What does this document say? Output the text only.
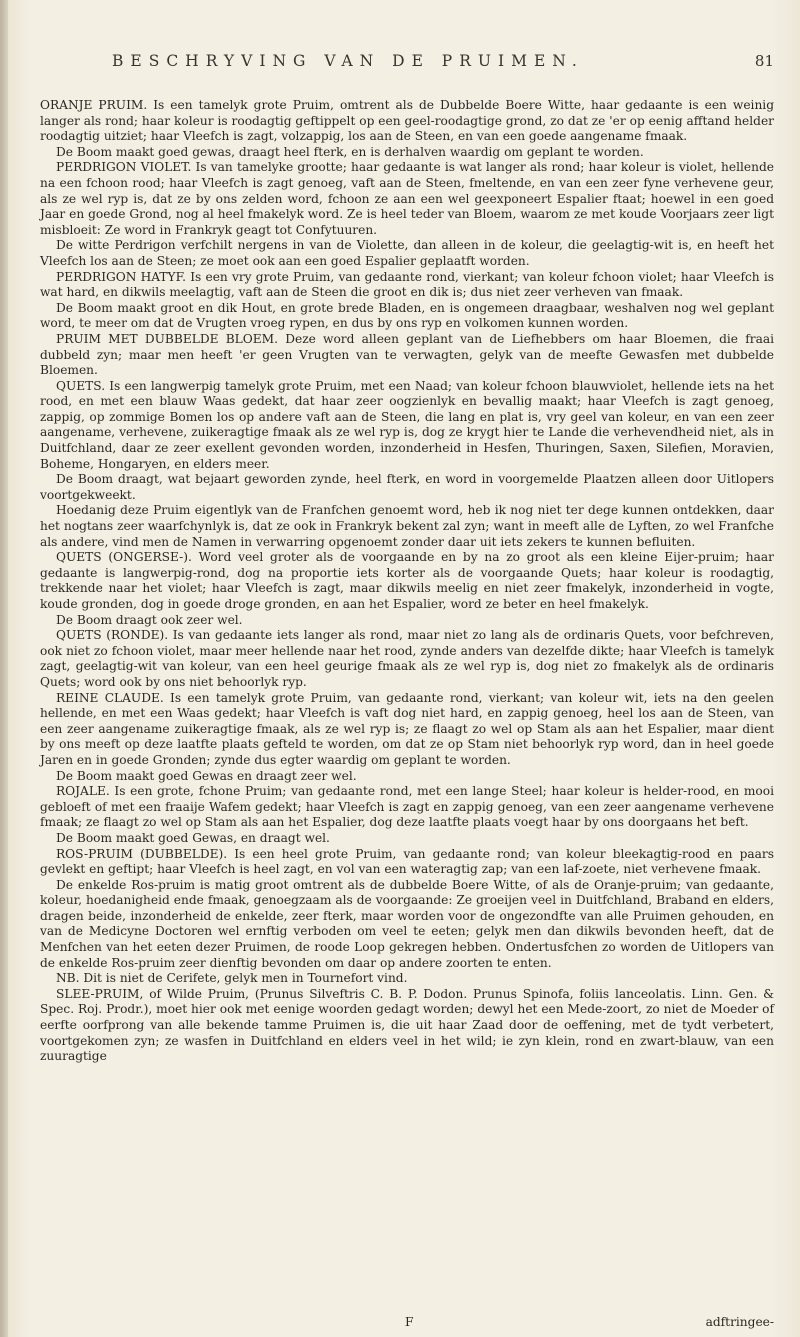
BESCHRYVING VAN DE PRUIMEN.	81

ORANJE PRUIM. Is een tamelyk grote Pruim, omtrent als de Dubbelde Boere Witte, haar gedaante is een weinig langer als rond; haar koleur is roodagtig geftippelt op een geel-roodagtige grond, zo dat ze 'er op eenig afftand helder roodagtig uitziet; haar Vleefch is zagt, volzappig, los aan de Steen, en van een goede aangename fmaak.

De Boom maakt goed gewas, draagt heel fterk, en is derhalven waardig om geplant te worden.

PERDRIGON VIOLET. Is van tamelyke grootte; haar gedaante is wat langer als rond; haar koleur is violet, hellende na een fchoon rood; haar Vleefch is zagt genoeg, vaft aan de Steen, fmeltende, en van een zeer fyne verhevene geur, als ze wel ryp is, dat ze by ons zelden word, fchoon ze aan een wel geexponeert Espalier ftaat; hoewel in een goed Jaar en goede Grond, nog al heel fmakelyk word. Ze is heel teder van Bloem, waarom ze met koude Voorjaars zeer ligt misbloeit: Ze word in Frankryk geagt tot Confytuuren.

De witte Perdrigon verfchilt nergens in van de Violette, dan alleen in de koleur, die geelagtig-wit is, en heeft het Vleefch los aan de Steen; ze moet ook aan een goed Espalier geplaatft worden.

PERDRIGON HATYF. Is een vry grote Pruim, van gedaante rond, vierkant; van koleur fchoon violet; haar Vleefch is wat hard, en dikwils meelagtig, vaft aan de Steen die groot en dik is; dus niet zeer verheven van fmaak.

De Boom maakt groot en dik Hout, en grote brede Bladen, en is ongemeen draagbaar, weshalven nog wel geplant word, te meer om dat de Vrugten vroeg rypen, en dus by ons ryp en volkomen kunnen worden.

PRUIM MET DUBBELDE BLOEM. Deze word alleen geplant van de Liefhebbers om haar Bloemen, die fraai dubbeld zyn; maar men heeft 'er geen Vrugten van te verwagten, gelyk van de meefte Gewasfen met dubbelde Bloemen.

QUETS. Is een langwerpig tamelyk grote Pruim, met een Naad; van koleur fchoon blauwviolet, hellende iets na het rood, en met een blauw Waas gedekt, dat haar zeer oogzienlyk en bevallig maakt; haar Vleefch is zagt genoeg, zappig, op zommige Bomen los op andere vaft aan de Steen, die lang en plat is, vry geel van koleur, en van een zeer aangename, verhevene, zuikeragtige fmaak als ze wel ryp is, dog ze krygt hier te Lande die verhevendheid niet, als in Duitfchland, daar ze zeer exellent gevonden worden, inzonderheid in Hesfen, Thuringen, Saxen, Silefien, Moravien, Boheme, Hongaryen, en elders meer.

De Boom draagt, wat bejaart geworden zynde, heel fterk, en word in voorgemelde Plaatzen alleen door Uitlopers voortgekweekt.

Hoedanig deze Pruim eigentlyk van de Franfchen genoemt word, heb ik nog niet ter dege kunnen ontdekken, daar het nogtans zeer waarfchynlyk is, dat ze ook in Frankryk bekent zal zyn; want in meeft alle de Lyften, zo wel Franfche als andere, vind men de Namen in verwarring opgenoemt zonder daar uit iets zekers te kunnen befluiten.

QUETS (ONGERSE-). Word veel groter als de voorgaande en by na zo groot als een kleine Eijer-pruim; haar gedaante is langwerpig-rond, dog na proportie iets korter als de voorgaande Quets; haar koleur is roodagtig, trekkende naar het violet; haar Vleefch is zagt, maar dikwils meelig en niet zeer fmakelyk, inzonderheid in vogte, koude gronden, dog in goede droge gronden, en aan het Espalier, word ze beter en heel fmakelyk.

De Boom draagt ook zeer wel.

QUETS (RONDE). Is van gedaante iets langer als rond, maar niet zo lang als de ordinaris Quets, voor befchreven, ook niet zo fchoon violet, maar meer hellende naar het rood, zynde anders van dezelfde dikte; haar Vleefch is tamelyk zagt, geelagtig-wit van koleur, van een heel geurige fmaak als ze wel ryp is, dog niet zo fmakelyk als de ordinaris Quets; word ook by ons niet behoorlyk ryp.

REINE CLAUDE. Is een tamelyk grote Pruim, van gedaante rond, vierkant; van koleur wit, iets na den geelen hellende, en met een Waas gedekt; haar Vleefch is vaft dog niet hard, en zappig genoeg, heel los aan de Steen, van een zeer aangename zuikeragtige fmaak, als ze wel ryp is; ze flaagt zo wel op Stam als aan het Espalier, maar dient by ons meeft op deze laatfte plaats gefteld te worden, om dat ze op Stam niet behoorlyk ryp word, dan in heel goede Jaren en in goede Gronden; zynde dus egter waardig om geplant te worden.

De Boom maakt goed Gewas en draagt zeer wel.

ROJALE. Is een grote, fchone Pruim; van gedaante rond, met een lange Steel; haar koleur is helder-rood, en mooi gebloeft of met een fraaije Wafem gedekt; haar Vleefch is zagt en zappig genoeg, van een zeer aangename verhevene fmaak; ze flaagt zo wel op Stam als aan het Espalier, dog deze laatfte plaats voegt haar by ons doorgaans het beft.

De Boom maakt goed Gewas, en draagt wel.

ROS-PRUIM (DUBBELDE). Is een heel grote Pruim, van gedaante rond; van koleur bleekagtig-rood en paars gevlekt en geftipt; haar Vleefch is heel zagt, en vol van een wateragtig zap; van een laf-zoete, niet verhevene fmaak.

De enkelde Ros-pruim is matig groot omtrent als de dubbelde Boere Witte, of als de Oranje-pruim; van gedaante, koleur, hoedanigheid ende fmaak, genoegzaam als de voorgaande: Ze groeijen veel in Duitfchland, Braband en elders, dragen beide, inzonderheid de enkelde, zeer fterk, maar worden voor de ongezondfte van alle Pruimen gehouden, en van de Medicyne Doctoren wel ernftig verboden om veel te eeten; gelyk men dan dikwils bevonden heeft, dat de Menfchen van het eeten dezer Pruimen, de roode Loop gekregen hebben. Ondertusfchen zo worden de Uitlopers van de enkelde Ros-pruim zeer dienftig bevonden om daar op andere zoorten te enten.

NB. Dit is niet de Cerifete, gelyk men in Tournefort vind.

SLEE-PRUIM, of Wilde Pruim, (Prunus Silveftris C. B. P. Dodon. Prunus Spinofa, foliis lanceolatis. Linn. Gen. & Spec. Roj. Prodr.), moet hier ook met eenige woorden gedagt worden; dewyl het een Mede-zoort, zo niet de Moeder of eerfte oorfprong van alle bekende tamme Pruimen is, die uit haar Zaad door de oeffening, met de tydt verbetert, voortgekomen zyn; ze wasfen in Duitfchland en elders veel in het wild; ie zyn klein, rond en zwart-blauw, van een zuuragtige

F	adftringee-
